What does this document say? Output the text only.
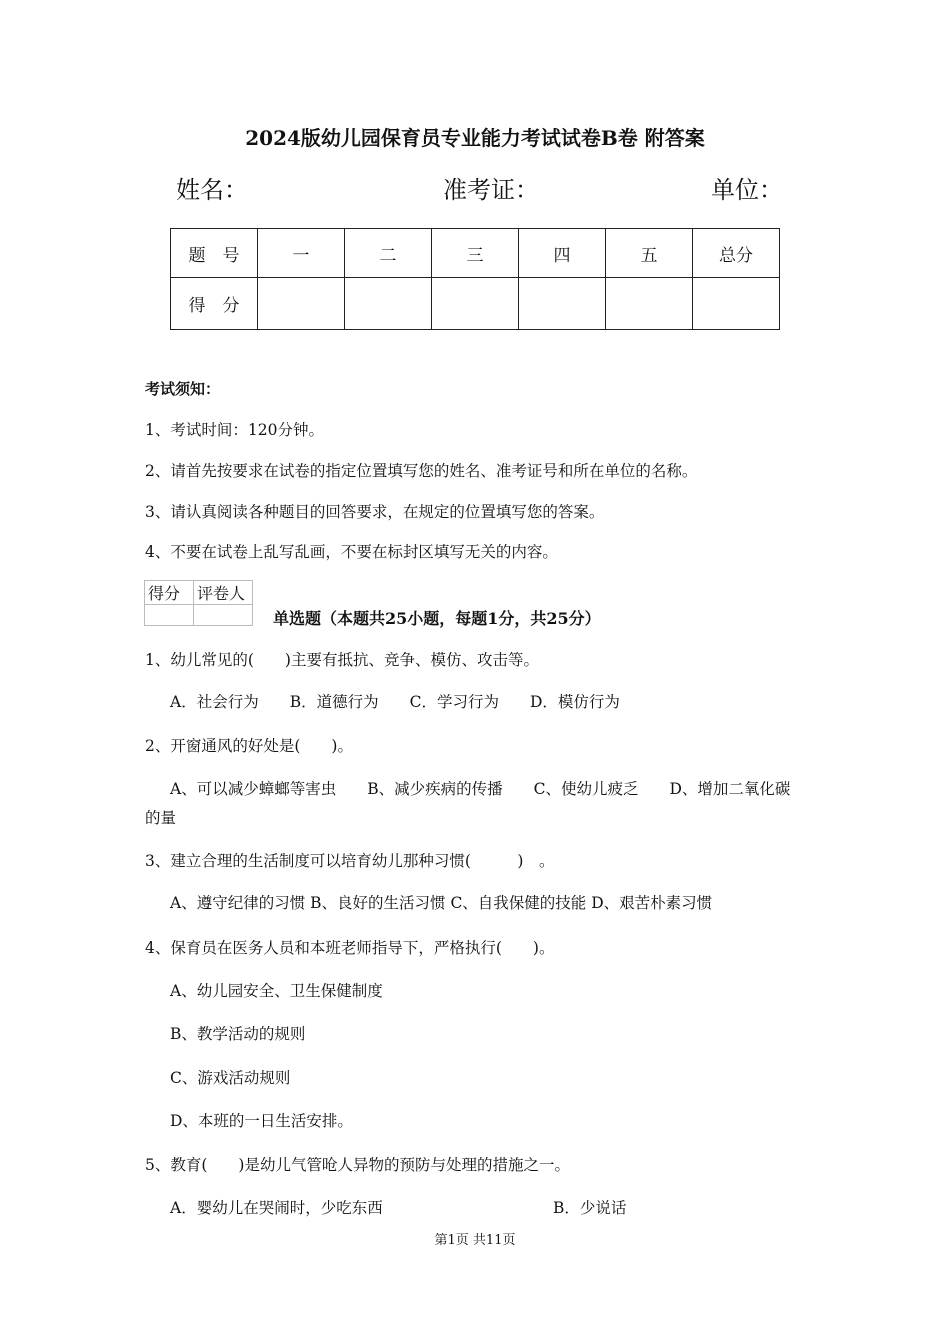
2024版幼儿园保育员专业能力考试试卷B卷 附答案
姓名：	准考证：	单位：
题　号	一	二	三	四	五	总分
得　分						
考试须知：
1、考试时间：120分钟。
2、请首先按要求在试卷的指定位置填写您的姓名、准考证号和所在单位的名称。
3、请认真阅读各种题目的回答要求，在规定的位置填写您的答案。
4、不要在试卷上乱写乱画，不要在标封区填写无关的内容。
得分	评卷人

单选题（本题共25小题，每题1分，共25分）
1、幼儿常见的(　　)主要有抵抗、竞争、模仿、攻击等。
A．社会行为　　B．道德行为　　C．学习行为　　D．模仿行为
2、开窗通风的好处是(　　)。
A、可以减少蟑螂等害虫　　B、减少疾病的传播　　C、使幼儿疲乏　　D、增加二氧化碳
的量
3、建立合理的生活制度可以培育幼儿那种习惯(　　　)　。
A、遵守纪律的习惯 B、良好的生活习惯 C、自我保健的技能 D、艰苦朴素习惯
4、保育员在医务人员和本班老师指导下，严格执行(　　)。
A、幼儿园安全、卫生保健制度
B、教学活动的规则
C、游戏活动规则
D、本班的一日生活安排。
5、教育(　　)是幼儿气管呛人异物的预防与处理的措施之一。
A．婴幼儿在哭闹时，少吃东西	B．少说话
第1页 共11页
